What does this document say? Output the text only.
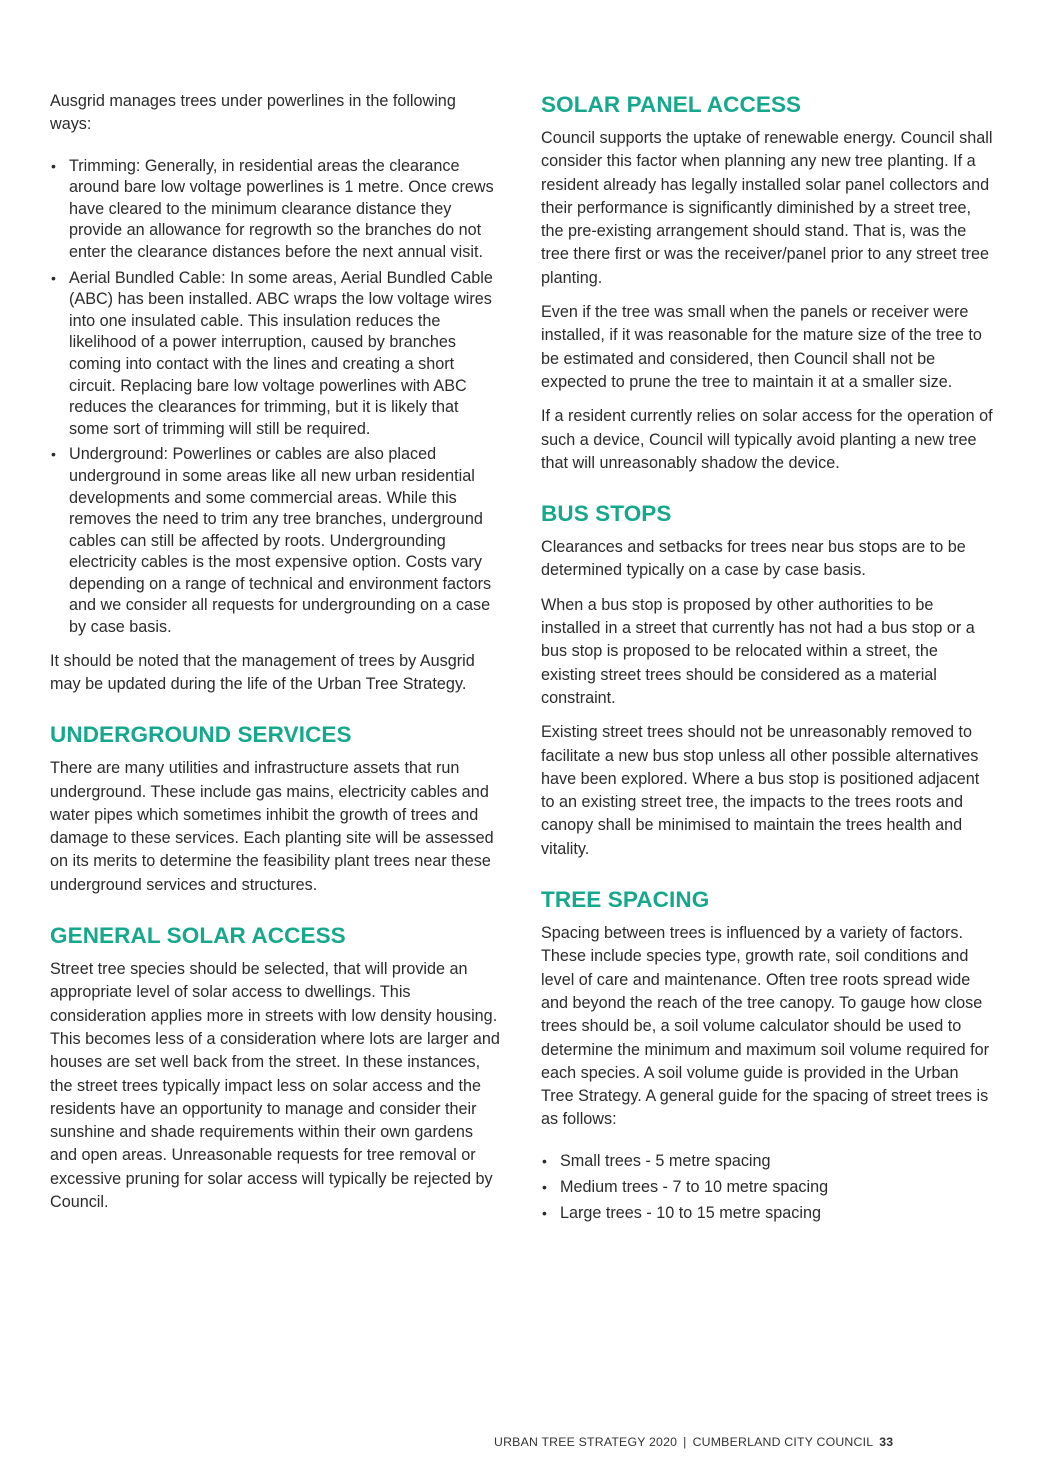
Ausgrid manages trees under powerlines in the following ways:

• Trimming: Generally, in residential areas the clearance around bare low voltage powerlines is 1 metre. Once crews have cleared to the minimum clearance distance they provide an allowance for regrowth so the branches do not enter the clearance distances before the next annual visit.
• Aerial Bundled Cable: In some areas, Aerial Bundled Cable (ABC) has been installed. ABC wraps the low voltage wires into one insulated cable. This insulation reduces the likelihood of a power interruption, caused by branches coming into contact with the lines and creating a short circuit. Replacing bare low voltage powerlines with ABC reduces the clearances for trimming, but it is likely that some sort of trimming will still be required.
• Underground: Powerlines or cables are also placed underground in some areas like all new urban residential developments and some commercial areas. While this removes the need to trim any tree branches, underground cables can still be affected by roots. Undergrounding electricity cables is the most expensive option. Costs vary depending on a range of technical and environment factors and we consider all requests for undergrounding on a case by case basis.

It should be noted that the management of trees by Ausgrid may be updated during the life of the Urban Tree Strategy.

UNDERGROUND SERVICES

There are many utilities and infrastructure assets that run underground. These include gas mains, electricity cables and water pipes which sometimes inhibit the growth of trees and damage to these services. Each planting site will be assessed on its merits to determine the feasibility plant trees near these underground services and structures.

GENERAL SOLAR ACCESS

Street tree species should be selected, that will provide an appropriate level of solar access to dwellings. This consideration applies more in streets with low density housing. This becomes less of a consideration where lots are larger and houses are set well back from the street. In these instances, the street trees typically impact less on solar access and the residents have an opportunity to manage and consider their sunshine and shade requirements within their own gardens and open areas. Unreasonable requests for tree removal or excessive pruning for solar access will typically be rejected by Council.

SOLAR PANEL ACCESS

Council supports the uptake of renewable energy. Council shall consider this factor when planning any new tree planting. If a resident already has legally installed solar panel collectors and their performance is significantly diminished by a street tree, the pre-existing arrangement should stand. That is, was the tree there first or was the receiver/panel prior to any street tree planting.

Even if the tree was small when the panels or receiver were installed, if it was reasonable for the mature size of the tree to be estimated and considered, then Council shall not be expected to prune the tree to maintain it at a smaller size.

If a resident currently relies on solar access for the operation of such a device, Council will typically avoid planting a new tree that will unreasonably shadow the device.

BUS STOPS

Clearances and setbacks for trees near bus stops are to be determined typically on a case by case basis.

When a bus stop is proposed by other authorities to be installed in a street that currently has not had a bus stop or a bus stop is proposed to be relocated within a street, the existing street trees should be considered as a material constraint.

Existing street trees should not be unreasonably removed to facilitate a new bus stop unless all other possible alternatives have been explored. Where a bus stop is positioned adjacent to an existing street tree, the impacts to the trees roots and canopy shall be minimised to maintain the trees health and vitality.

TREE SPACING

Spacing between trees is influenced by a variety of factors. These include species type, growth rate, soil conditions and level of care and maintenance. Often tree roots spread wide and beyond the reach of the tree canopy. To gauge how close trees should be, a soil volume calculator should be used to determine the minimum and maximum soil volume required for each species. A soil volume guide is provided in the Urban Tree Strategy. A general guide for the spacing of street trees is as follows:

• Small trees - 5 metre spacing
• Medium trees - 7 to 10 metre spacing
• Large trees - 10 to 15 metre spacing
URBAN TREE STRATEGY 2020 | CUMBERLAND CITY COUNCIL 33
